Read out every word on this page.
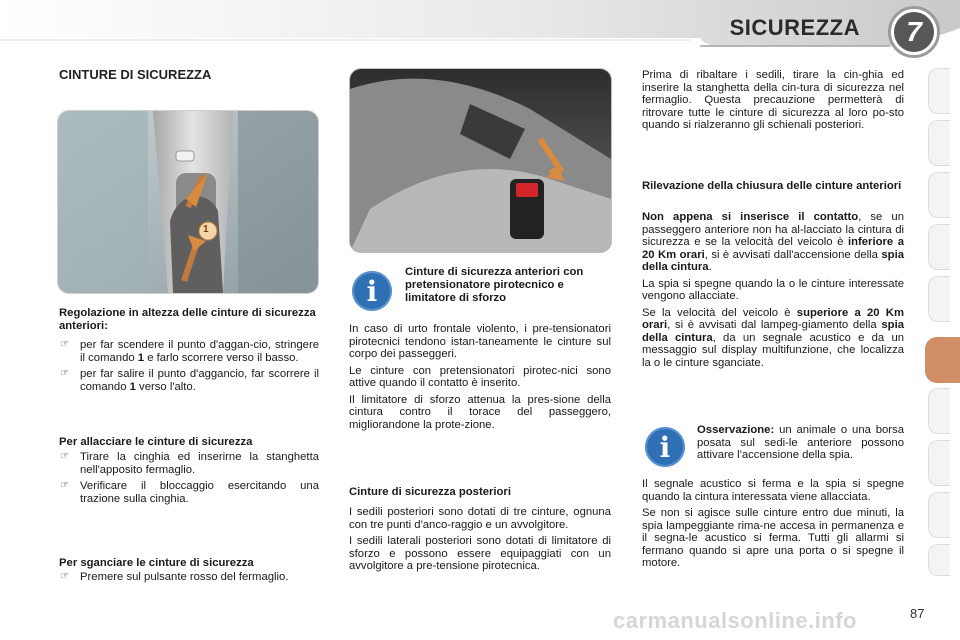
SICUREZZA	7
CINTURE DI SICUREZZA
1
Regolazione in altezza delle cinture di sicurezza anteriori:
☞ per far scendere il punto d'aggan-cio, stringere il comando 1 e farlo scorrere verso il basso.
☞ per far salire il punto d'aggancio, far scorrere il comando 1 verso l'alto.
Per allacciare le cinture di sicurezza
☞ Tirare la cinghia ed inserirne la stanghetta nell'apposito fermaglio.
☞ Verificare il bloccaggio esercitando una trazione sulla cinghia.
Per sganciare le cinture di sicurezza
☞ Premere sul pulsante rosso del fermaglio.
i
Cinture di sicurezza anteriori con pretensionatore pirotecnico e limitatore di sforzo

In caso di urto frontale violento, i pre-tensionatori pirotecnici tendono istan-taneamente le cinture sul corpo dei passeggeri.

Le cinture con pretensionatori pirotec-nici sono attive quando il contatto è inserito.

Il limitatore di sforzo attenua la pres-sione della cintura contro il torace del passeggero, migliorandone la prote-zione.

Cinture di sicurezza posteriori

I sedili posteriori sono dotati di tre cinture, ognuna con tre punti d'anco-raggio e un avvolgitore.

I sedili laterali posteriori sono dotati di limitatore di sforzo e possono essere equipaggiati con un avvolgitore a pre-tensione pirotecnica.

Prima di ribaltare i sedili, tirare la cin-ghia ed inserire la stanghetta della cin-tura di sicurezza nel fermaglio. Questa precauzione permetterà di ritrovare tutte le cinture di sicurezza al loro po-sto quando si rialzeranno gli schienali posteriori.

Rilevazione della chiusura delle cinture anteriori

Non appena si inserisce il contatto, se un passeggero anteriore non ha al-lacciato la cintura di sicurezza e se la velocità del veicolo è inferiore a 20 Km orari, si è avvisati dall'accensione della spia della cintura.

La spia si spegne quando la o le cinture interessate vengono allacciate.

Se la velocità del veicolo è superiore a 20 Km orari, si è avvisati dal lampeg-giamento della spia della cintura, da un segnale acustico e da un messaggio sul display multifunzione, che localizza la o le cinture sganciate.

i

Osservazione: un animale o una borsa posata sul sedi-le anteriore possono attivare l'accensione della spia.

Il segnale acustico si ferma e la spia si spegne quando la cintura interessata viene allacciata.

Se non si agisce sulle cinture entro due minuti, la spia lampeggiante rima-ne accesa in permanenza e il segna-le acustico si ferma. Tutti gli allarmi si fermano quando si apre una porta o si spegne il motore.

carmanualsonline.info	87
